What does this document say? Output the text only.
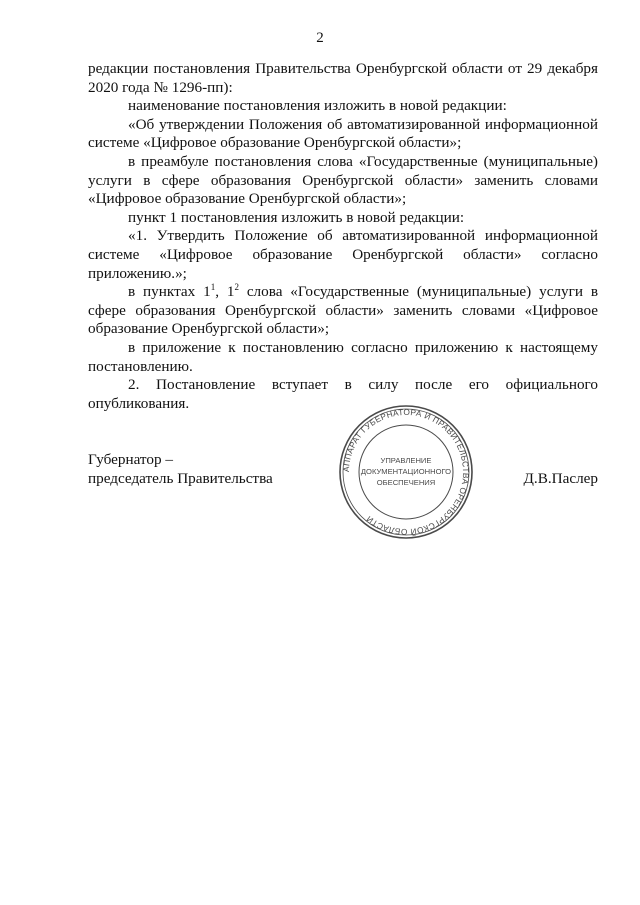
2

редакции постановления Правительства Оренбургской области от 29 декабря 2020 года № 1296-пп):

наименование постановления изложить в новой редакции:

«Об утверждении Положения об автоматизированной информационной системе «Цифровое образование Оренбургской области»;

в преамбуле постановления слова «Государственные (муниципальные) услуги в сфере образования Оренбургской области» заменить словами «Цифровое образование Оренбургской области»;

пункт 1 постановления изложить в новой редакции:

«1. Утвердить Положение об автоматизированной информационной системе «Цифровое образование Оренбургской области» согласно приложению.»;

в пунктах $1^1$, $1^2$ слова «Государственные (муниципальные) услуги в сфере образования Оренбургской области» заменить словами «Цифровое образование Оренбургской области»;

в приложение к постановлению согласно приложению к настоящему постановлению.

2. Постановление вступает в силу после его официального

опубликования.

Губернатор –
председатель Правительства	Д.В.Паслер
АППАРАТ ГУБЕРНАТОРА И ПРАВИТЕЛЬСТВА ОРЕНБУРГСКОЙ ОБЛАСТИ
УПРАВЛЕНИЕ
ДОКУМЕНТАЦИОННОГО
ОБЕСПЕЧЕНИЯ
